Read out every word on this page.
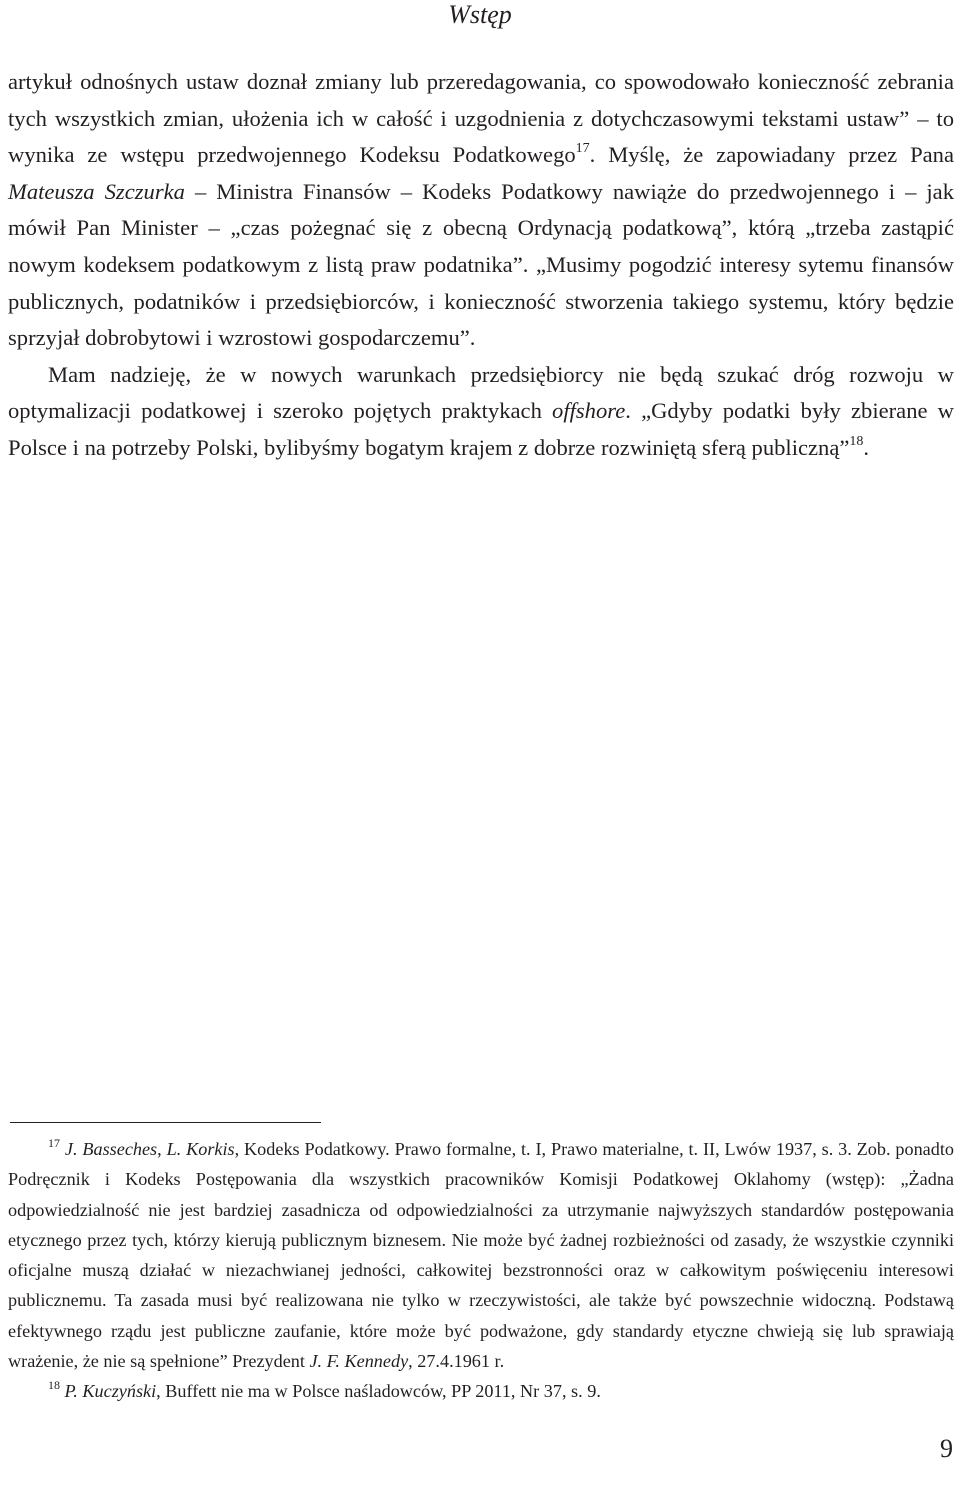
Wstęp

artykuł odnośnych ustaw doznał zmiany lub przeredagowania, co spowodowało konieczność zebrania tych wszystkich zmian, ułożenia ich w całość i uzgodnienia z dotychczasowymi tekstami ustaw” – to wynika ze wstępu przedwojennego Kodeksu Podatkowego$^{17}$. Myślę, że zapowiadany przez Pana Mateusza Szczurka – Ministra Finansów – Kodeks Podatkowy nawiąże do przedwojennego i – jak mówił Pan Minister – „czas pożegnać się z obecną Ordynacją podatkową”, którą „trzeba zastąpić nowym kodeksem podatkowym z listą praw podatnika”. „Musimy pogodzić interesy sytemu finansów publicznych, podatników i przedsiębiorców, i konieczność stworzenia takiego systemu, który będzie sprzyjał dobrobytowi i wzrostowi gospodarczemu”.

Mam nadzieję, że w nowych warunkach przedsiębiorcy nie będą szukać dróg rozwoju w optymalizacji podatkowej i szeroko pojętych praktykach offshore. „Gdyby podatki były zbierane w Polsce i na potrzeby Polski, bylibyśmy bogatym krajem z dobrze rozwiniętą sferą publiczną”$^{18}$.

$^{17}$ J. Basseches, L. Korkis, Kodeks Podatkowy. Prawo formalne, t. I, Prawo materialne, t. II, Lwów 1937, s. 3. Zob. ponadto Podręcznik i Kodeks Postępowania dla wszystkich pracowników Komisji Podatkowej Oklahomy (wstęp): „Żadna odpowiedzialność nie jest bardziej zasadnicza od odpowiedzialności za utrzymanie najwyższych standardów postępowania etycznego przez tych, którzy kierują publicznym biznesem. Nie może być żadnej rozbieżności od zasady, że wszystkie czynniki oficjalne muszą działać w niezachwianej jedności, całkowitej bezstronności oraz w całkowitym poświęceniu interesowi publicznemu. Ta zasada musi być realizowana nie tylko w rzeczywistości, ale także być powszechnie widoczną. Podstawą efektywnego rządu jest publiczne zaufanie, które może być podważone, gdy standardy etyczne chwieją się lub sprawiają wrażenie, że nie są spełnione” Prezydent J. F. Kennedy, 27.4.1961 r.

$^{18}$ P. Kuczyński, Buffett nie ma w Polsce naśladowców, PP 2011, Nr 37, s. 9.

9
